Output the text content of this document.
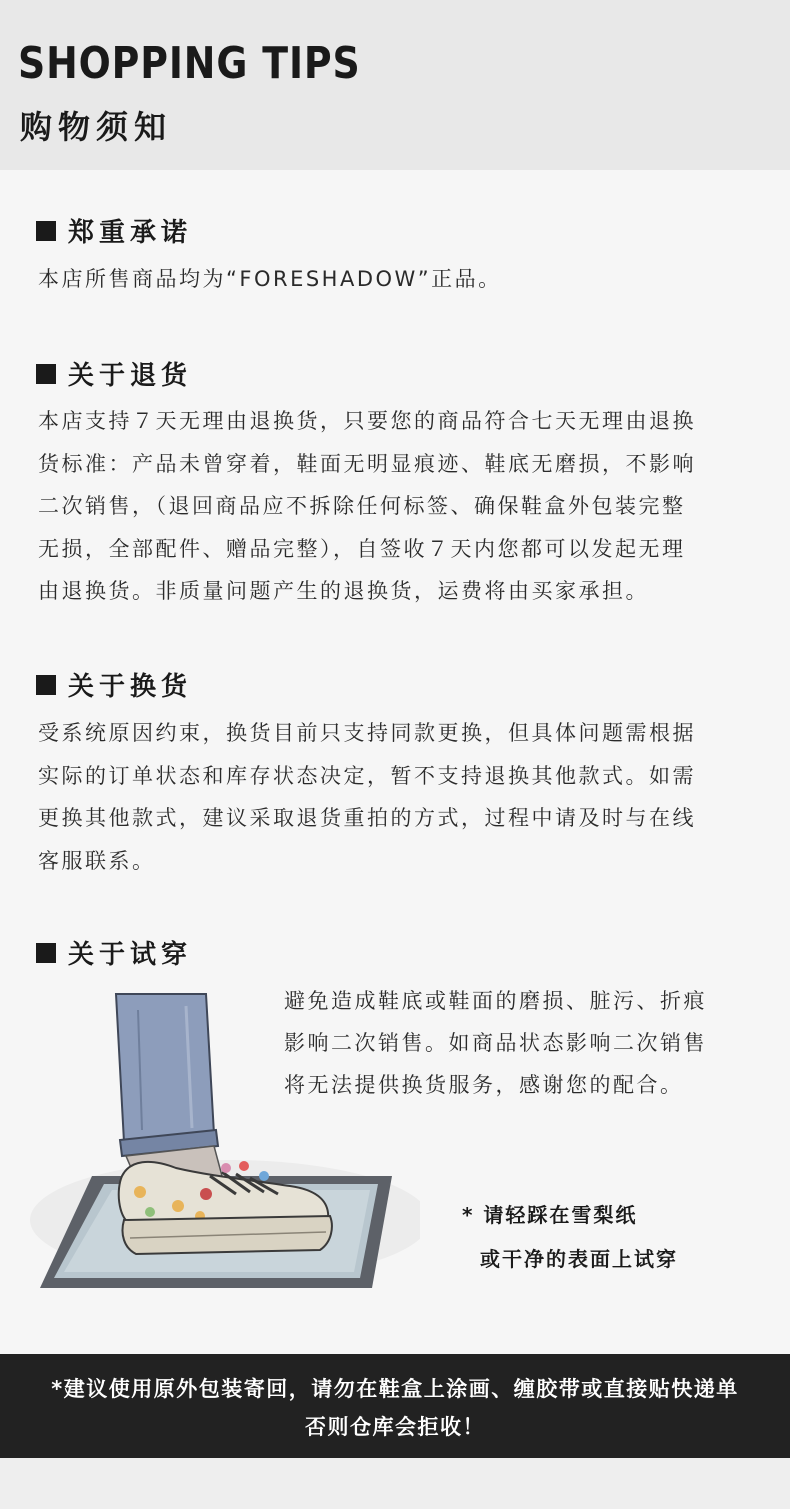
SHOPPING TIPS
购物须知
郑重承诺
本店所售商品均为“FORESHADOW”正品。
关于退货
本店支持７天无理由退换货，只要您的商品符合七天无理由退换
货标准：产品未曾穿着，鞋面无明显痕迹、鞋底无磨损，不影响
二次销售，（退回商品应不拆除任何标签、确保鞋盒外包装完整
无损，全部配件、赠品完整），自签收７天内您都可以发起无理
由退换货。非质量问题产生的退换货，运费将由买家承担。
关于换货
受系统原因约束，换货目前只支持同款更换，但具体问题需根据
实际的订单状态和库存状态决定，暂不支持退换其他款式。如需
更换其他款式，建议采取退货重拍的方式，过程中请及时与在线
客服联系。
关于试穿
避免造成鞋底或鞋面的磨损、脏污、折痕
影响二次销售。如商品状态影响二次销售
将无法提供换货服务，感谢您的配合。
* 请轻踩在雪梨纸
或干净的表面上试穿
*建议使用原外包装寄回，请勿在鞋盒上涂画、缠胶带或直接贴快递单
否则仓库会拒收！
